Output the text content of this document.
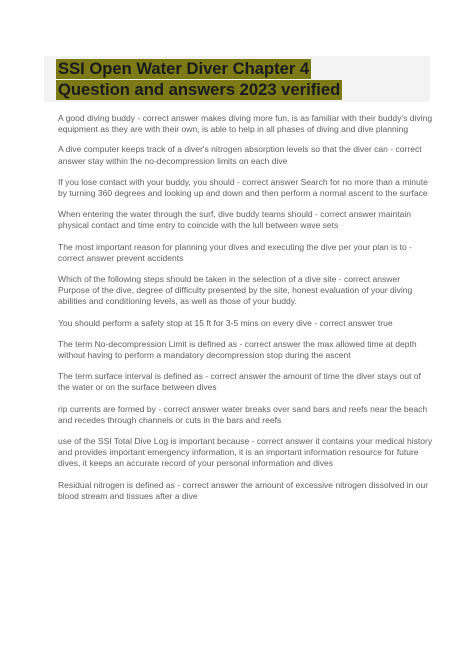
SSI Open Water Diver Chapter 4
Question and answers 2023 verified
A good diving buddy - correct answer makes diving more fun, is as familiar with their buddy's diving equipment as they are with their own, is able to help in all phases of diving and dive planning
A dive computer keeps track of a diver's nitrogen absorption levels so that the diver can - correct answer stay within the no-decompression limits on each dive
If you lose contact with your buddy, you should - correct answer Search for no more than a minute by turning 360 degrees and looking up and down and then perform a normal ascent to the surface
When entering the water through the surf, dive buddy teams should - correct answer maintain physical contact and time entry to coincide with the lull between wave sets
The most important reason for planning your dives and executing the dive per your plan is to - correct answer prevent accidents
Which of the following steps should be taken in the selection of a dive site - correct answer Purpose of the dive, degree of difficulty presented by the site, honest evaluation of your diving abilities and conditioning levels, as well as those of your buddy.
You should perform a safety stop at 15 ft for 3-5 mins on every dive - correct answer true
The term No-decompression Limit is defined as - correct answer the max allowed time at depth without having to perform a mandatory decompression stop during the ascent
The term surface interval is defined as - correct answer the amount of time the diver stays out of the water or on the surface between dives
rip currents are formed by - correct answer water breaks over sand bars and reefs near the beach and recedes through channels or cuts in the bars and reefs
use of the SSI Total Dive Log is important because - correct answer it contains your medical history and provides important emergency information, it is an important information resource for future dives, it keeps an accurate record of your personal information and dives
Residual nitrogen is defined as - correct answer the amount of excessive nitrogen dissolved in our blood stream and tissues after a dive
